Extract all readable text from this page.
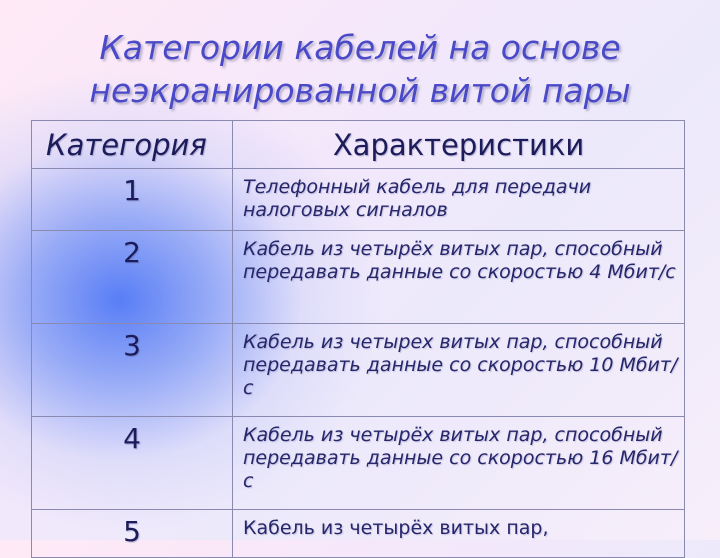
Категории кабелей на основе
неэкранированной витой пары
Категория	Характеристики
1	Телефонный кабель для передачи налоговых сигналов
2	Кабель из четырёх витых пар, способный передавать данные со скоростью 4 Мбит/с
3	Кабель из четырех витых пар, способный передавать данные со скоростью 10 Мбит/с
4	Кабель из четырёх витых пар, способный передавать данные со скоростью 16 Мбит/с
5	Кабель из четырёх витых пар,
